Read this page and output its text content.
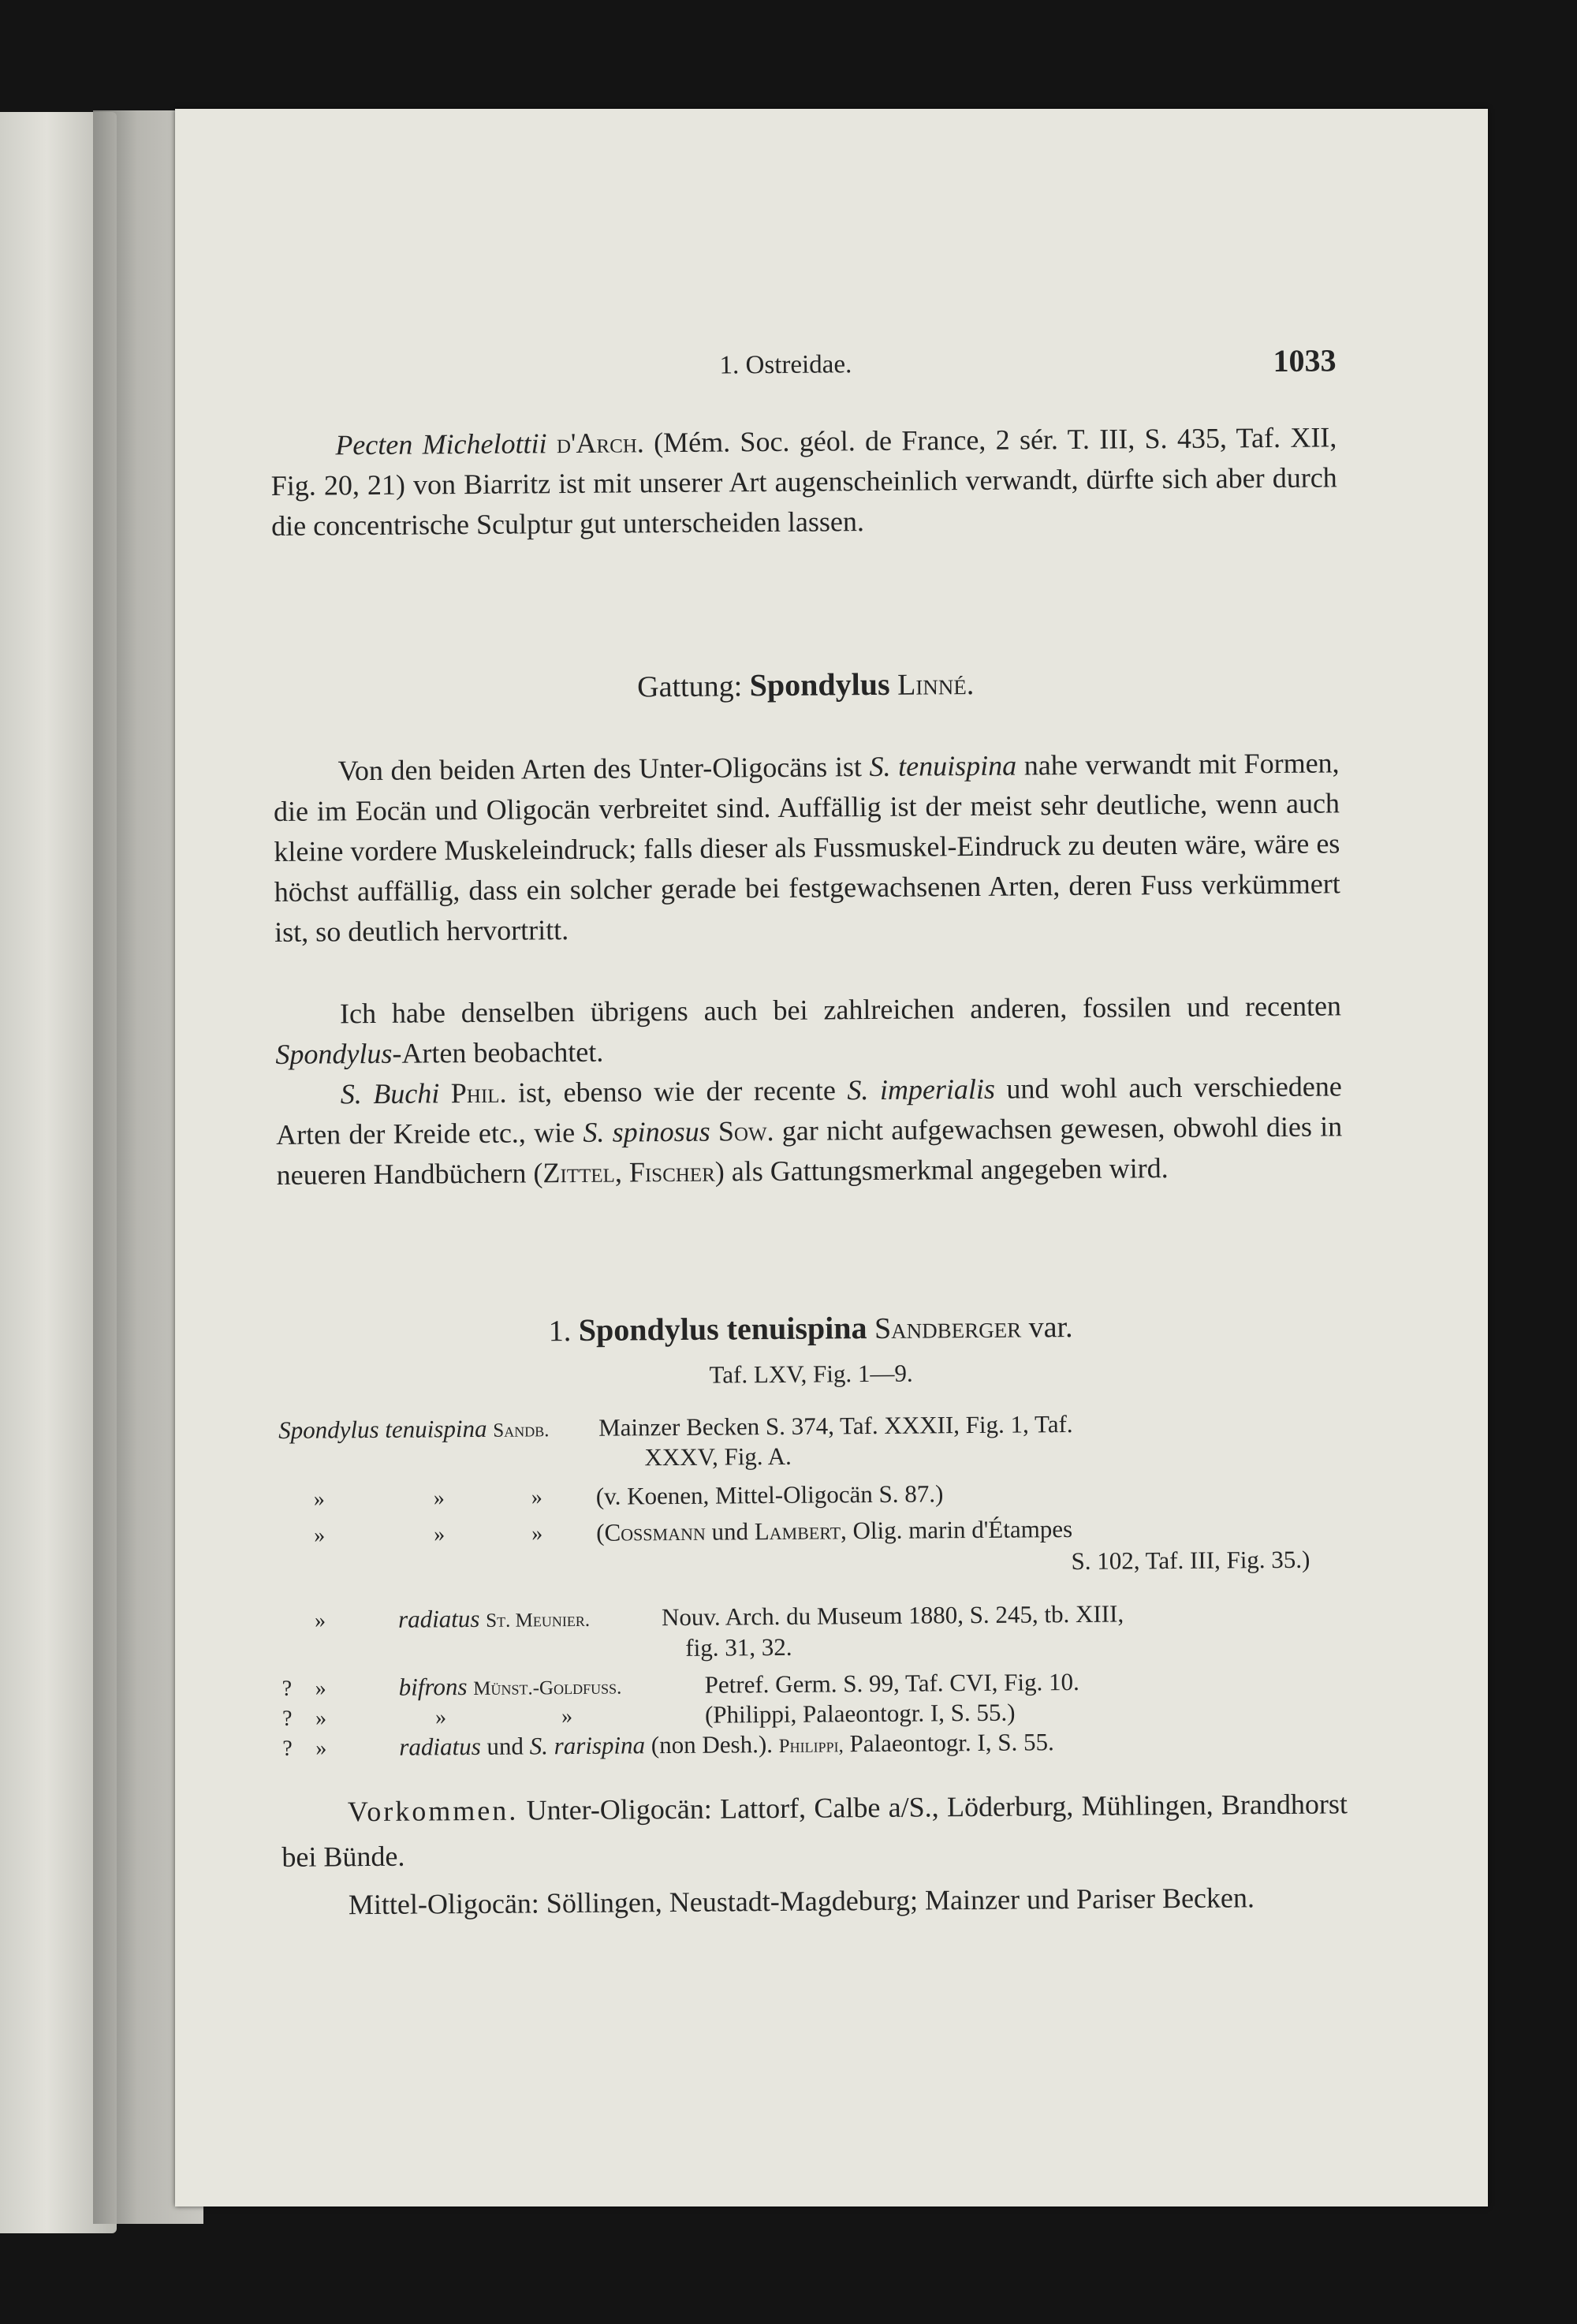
1. Ostreidae.	1033

Pecten Michelottii d'Arch. (Mém. Soc. géol. de France, 2 sér. T. III, S. 435, Taf. XII, Fig. 20, 21) von Biarritz ist mit unserer Art augenscheinlich verwandt, dürfte sich aber durch die concentrische Sculptur gut unterscheiden lassen.

Gattung: Spondylus Linné.

Von den beiden Arten des Unter-Oligocäns ist S. tenuispina nahe verwandt mit Formen, die im Eocän und Oligocän verbreitet sind. Auffällig ist der meist sehr deutliche, wenn auch kleine vordere Muskeleindruck; falls dieser als Fussmuskel-Eindruck zu deuten wäre, wäre es höchst auffällig, dass ein solcher gerade bei festgewachsenen Arten, deren Fuss verkümmert ist, so deutlich hervortritt.

Ich habe denselben übrigens auch bei zahlreichen anderen, fossilen und recenten Spondylus-Arten beobachtet.

S. Buchi Phil. ist, ebenso wie der recente S. imperialis und wohl auch verschiedene Arten der Kreide etc., wie S. spinosus Sow. gar nicht aufgewachsen gewesen, obwohl dies in neueren Handbüchern (Zittel, Fischer) als Gattungsmerkmal angegeben wird.

1. Spondylus tenuispina Sandberger var.
Taf. LXV, Fig. 1—9.
Spondylus tenuispina Sandb. Mainzer Becken S. 374, Taf. XXXII, Fig. 1, Taf.
XXXV, Fig. A.
»	»	» (v. Koenen, Mittel-Oligocän S. 87.)
»	»	» (Cossmann und Lambert, Olig. marin d'Étampes
S. 102, Taf. III, Fig. 35.)
»	radiatus St. Meunier.	Nouv. Arch. du Museum 1880, S. 245, tb. XIII,
fig. 31, 32.
? »	bifrons Münst.-Goldfuss.	Petref. Germ. S. 99, Taf. CVI, Fig. 10.
? »	»	»	(Philippi, Palaeontogr. I, S. 55.)
? »	radiatus und S. rarispina (non Desh.). Philippi, Palaeontogr. I, S. 55.

Vorkommen. Unter-Oligocän: Lattorf, Calbe a/S., Löderburg, Mühlingen, Brandhorst bei Bünde.

Mittel-Oligocän: Söllingen, Neustadt-Magdeburg; Mainzer und Pariser Becken.
